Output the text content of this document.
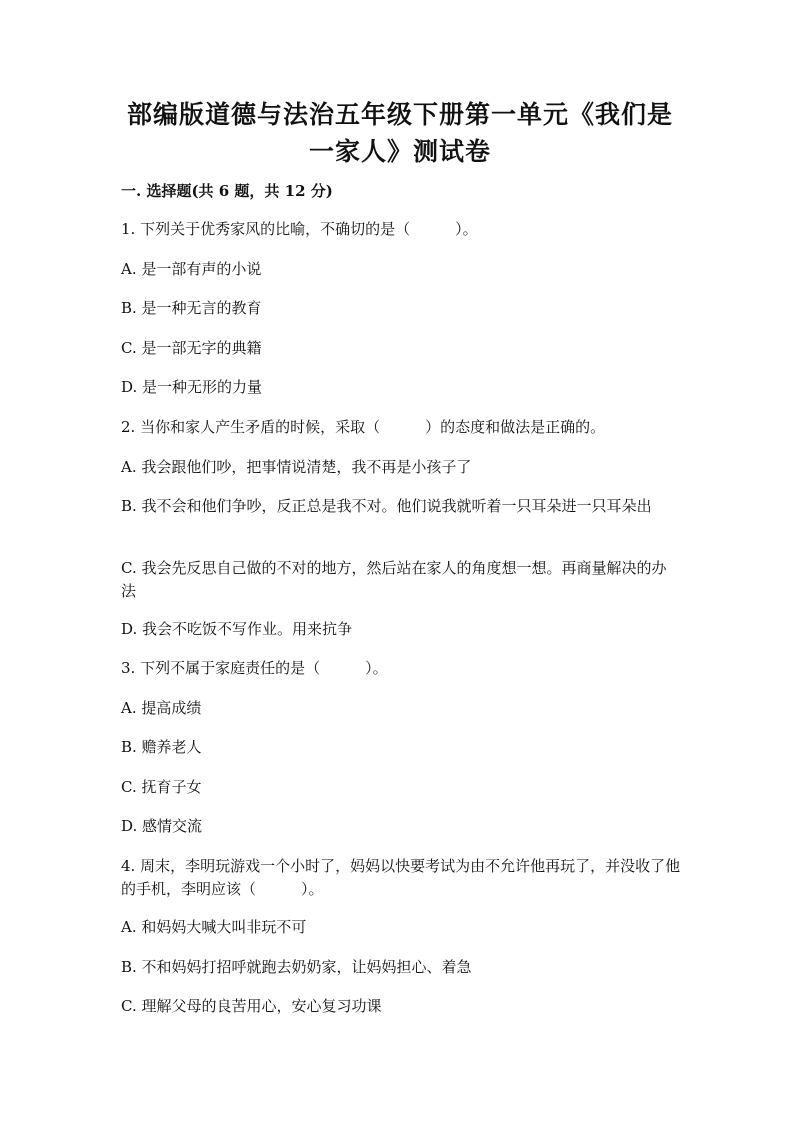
部编版道德与法治五年级下册第一单元《我们是一家人》测试卷
一. 选择题(共 6 题，共 12 分)
1. 下列关于优秀家风的比喻，不确切的是（　　　）。
A. 是一部有声的小说
B. 是一种无言的教育
C. 是一部无字的典籍
D. 是一种无形的力量
2. 当你和家人产生矛盾的时候，采取（　　　）的态度和做法是正确的。
A. 我会跟他们吵，把事情说清楚，我不再是小孩子了
B. 我不会和他们争吵，反正总是我不对。他们说我就听着一只耳朵进一只耳朵出
C. 我会先反思自己做的不对的地方，然后站在家人的角度想一想。再商量解决的办法
D. 我会不吃饭不写作业。用来抗争
3. 下列不属于家庭责任的是（　　　）。
A. 提高成绩
B. 赡养老人
C. 抚育子女
D. 感情交流
4. 周末，李明玩游戏一个小时了，妈妈以快要考试为由不允许他再玩了，并没收了他的手机，李明应该（　　　）。
A. 和妈妈大喊大叫非玩不可
B. 不和妈妈打招呼就跑去奶奶家，让妈妈担心、着急
C. 理解父母的良苦用心，安心复习功课
